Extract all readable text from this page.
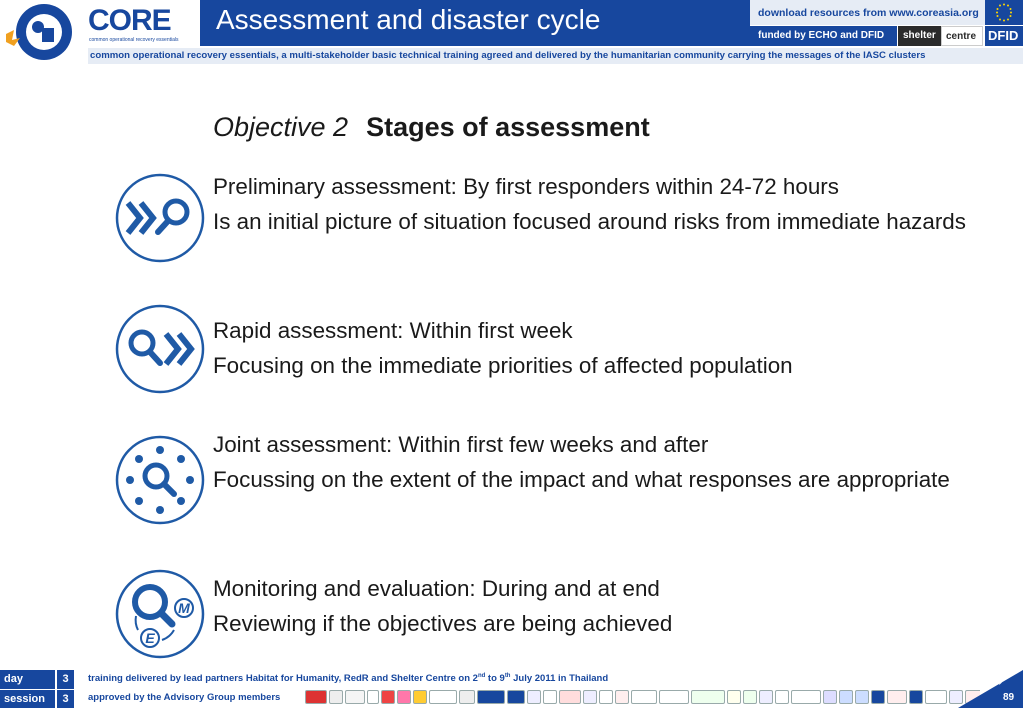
CORE
common operational recovery essentials
Assessment and disaster cycle	download resources from www.coreasia.org
funded by ECHO and DFID	shelter	centre DFID
common operational recovery essentials, a multi-stakeholder basic technical training agreed and delivered by the humanitarian community carrying the messages of the IASC clusters
Objective 2 Stages of assessment

Preliminary assessment: By first responders within 24-72 hours

Is an initial picture of situation focused around risks from immediate hazards

Rapid assessment: Within first week

Focusing on the immediate priorities of affected population

Joint assessment: Within first few weeks and after

Focussing on the extent of the impact and what responses are appropriate

M
E

Monitoring and evaluation: During and at end

Reviewing if the objectives are being achieved

day	3
session	3
training delivered by lead partners Habitat for Humanity, RedR and Shelter Centre on 2nd to 9th July 2011 in Thailand
approved by the Advisory Group members
‹#›
89
